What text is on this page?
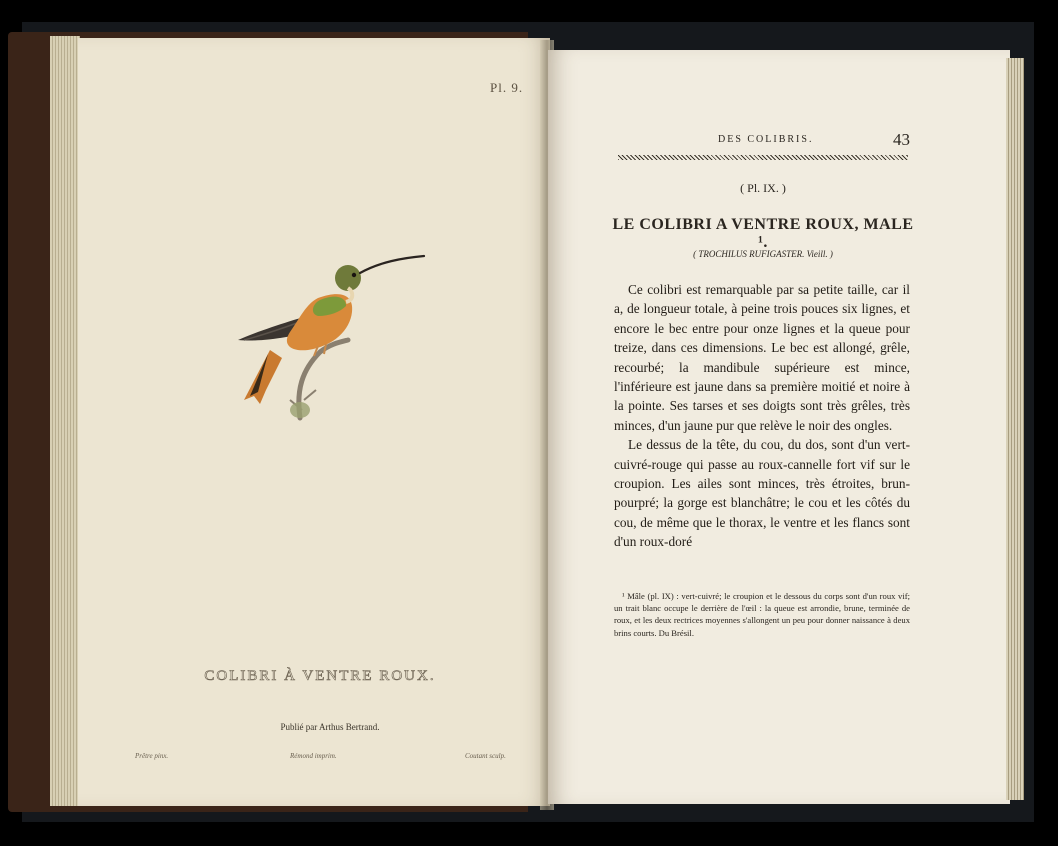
Pl. 9.
COLIBRI À VENTRE ROUX.
Publié par Arthus Bertrand.
Prêtre pinx.	Rémond imprim.	Coutant sculp.
DES COLIBRIS.	43
( Pl. IX. )
LE COLIBRI A VENTRE ROUX, MALE ¹.
( TROCHILUS RUFIGASTER. Vieill. )

Ce colibri est remarquable par sa petite taille, car il a, de longueur totale, à peine trois pouces six lignes, et encore le bec entre pour onze lignes et la queue pour treize, dans ces dimensions. Le bec est allongé, grêle, recourbé; la mandibule supérieure est mince, l'inférieure est jaune dans sa première moitié et noire à la pointe. Ses tarses et ses doigts sont très grêles, très minces, d'un jaune pur que relève le noir des ongles.

Le dessus de la tête, du cou, du dos, sont d'un vert-cuivré-rouge qui passe au roux-cannelle fort vif sur le croupion. Les ailes sont minces, très étroites, brun-pourpré; la gorge est blanchâtre; le cou et les côtés du cou, de même que le thorax, le ventre et les flancs sont d'un roux-doré

¹ Mâle (pl. IX) : vert-cuivré; le croupion et le dessous du corps sont d'un roux vif; un trait blanc occupe le derrière de l'œil : la queue est arrondie, brune, terminée de roux, et les deux rectrices moyennes s'allongent un peu pour donner naissance à deux brins courts. Du Brésil.
